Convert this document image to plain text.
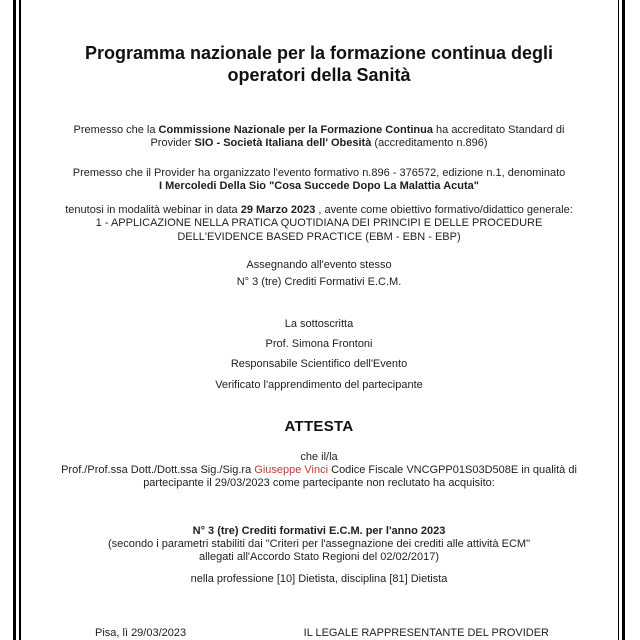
Programma nazionale per la formazione continua degli
operatori della Sanità
Premesso che la Commissione Nazionale per la Formazione Continua ha accreditato Standard di
Provider SIO - Società Italiana dell' Obesità (accreditamento n.896)
Premesso che il Provider ha organizzato l'evento formativo n.896 - 376572, edizione n.1, denominato
I Mercoledi Della Sio "Cosa Succede Dopo La Malattia Acuta"
tenutosi in modalità webinar in data 29 Marzo 2023 , avente come obiettivo formativo/didattico generale:
1 - APPLICAZIONE NELLA PRATICA QUOTIDIANA DEI PRINCIPI E DELLE PROCEDURE
DELL'EVIDENCE BASED PRACTICE (EBM - EBN - EBP)
Assegnando all'evento stesso
N° 3 (tre) Crediti Formativi E.C.M.
La sottoscritta
Prof. Simona Frontoni
Responsabile Scientifico dell'Evento
Verificato l'apprendimento del partecipante
ATTESTA
che il/la
Prof./Prof.ssa Dott./Dott.ssa Sig./Sig.ra Giuseppe Vinci Codice Fiscale VNCGPP01S03D508E in qualità di
partecipante il 29/03/2023 come partecipante non reclutato ha acquisito:
N° 3 (tre) Crediti formativi E.C.M. per l'anno 2023
(secondo i parametri stabiliti dai "Criteri per l'assegnazione dei crediti alle attività ECM"
allegati all'Accordo Stato Regioni del 02/02/2017)
nella professione [10] Dietista, disciplina [81] Dietista
Pisa, lì 29/03/2023	IL LEGALE RAPPRESENTANTE DEL PROVIDER
